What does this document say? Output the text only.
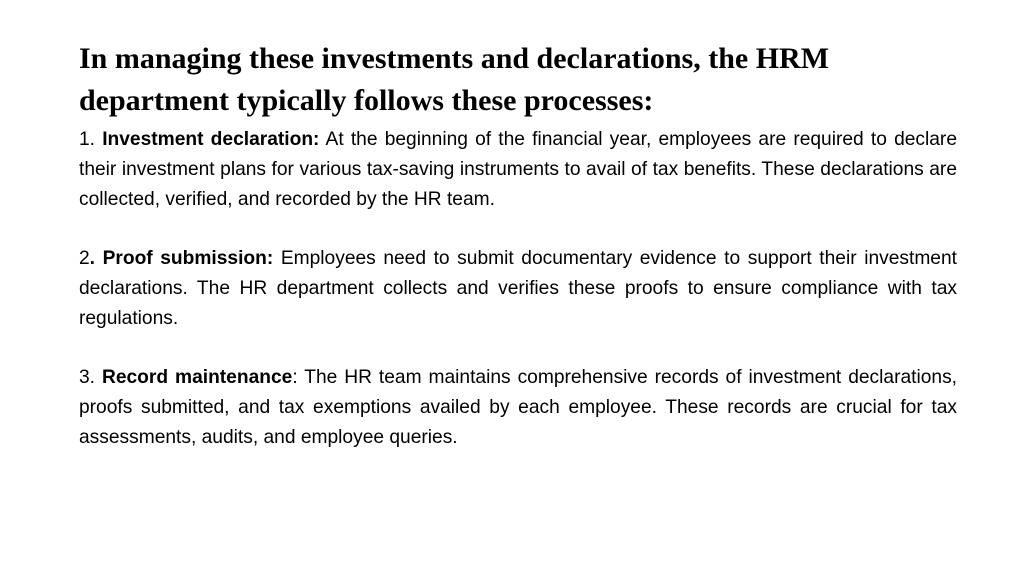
In managing these investments and declarations, the HRM
department typically follows these processes:

1. Investment declaration: At the beginning of the financial year, employees are required to declare their investment plans for various tax-saving instruments to avail of tax benefits. These declarations are collected, verified, and recorded by the HR team.

2. Proof submission: Employees need to submit documentary evidence to support their investment declarations. The HR department collects and verifies these proofs to ensure compliance with tax regulations.

3. Record maintenance: The HR team maintains comprehensive records of investment declarations, proofs submitted, and tax exemptions availed by each employee. These records are crucial for tax assessments, audits, and employee queries.
